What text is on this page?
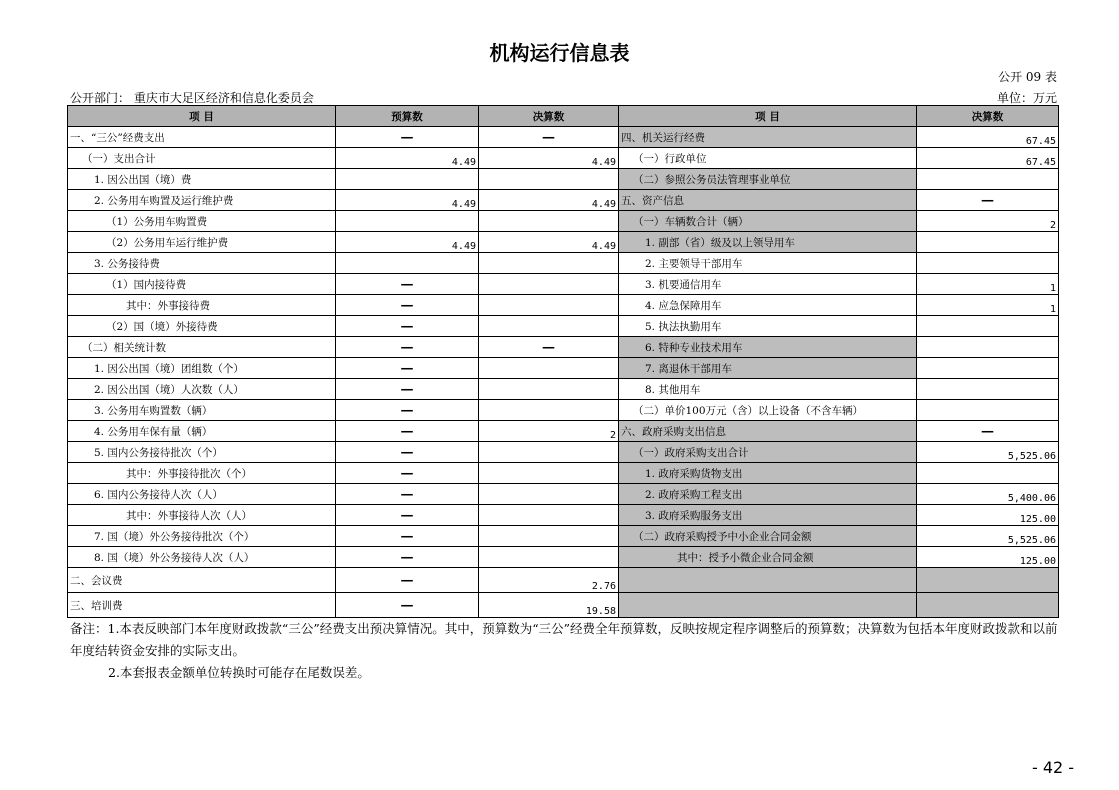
机构运行信息表
公开 09 表
公开部门： 重庆市大足区经济和信息化委员会	单位：万元
项 目	预算数	决算数	项 目	决算数
一、“三公”经费支出	—	—	四、机关运行经费	67.45
（一）支出合计	4.49	4.49	（一）行政单位	67.45
1. 因公出国（境）费			（二）参照公务员法管理事业单位	
2. 公务用车购置及运行维护费	4.49	4.49	五、资产信息	—
（1）公务用车购置费			（一）车辆数合计（辆）	2
（2）公务用车运行维护费	4.49	4.49	1. 副部（省）级及以上领导用车	
3. 公务接待费			2. 主要领导干部用车	
（1）国内接待费	—		3. 机要通信用车	1
其中：外事接待费	—		4. 应急保障用车	1
（2）国（境）外接待费	—		5. 执法执勤用车	
（二）相关统计数	—	—	6. 特种专业技术用车	
1. 因公出国（境）团组数（个）	—		7. 离退休干部用车	
2. 因公出国（境）人次数（人）	—		8. 其他用车	
3. 公务用车购置数（辆）	—		（二）单价100万元（含）以上设备（不含车辆）	
4. 公务用车保有量（辆）	—	2	六、政府采购支出信息	—
5. 国内公务接待批次（个）	—		（一）政府采购支出合计	5,525.06
其中：外事接待批次（个）	—		1. 政府采购货物支出	
6. 国内公务接待人次（人）	—		2. 政府采购工程支出	5,400.06
其中：外事接待人次（人）	—		3. 政府采购服务支出	125.00
7. 国（境）外公务接待批次（个）	—		（二）政府采购授予中小企业合同金额	5,525.06
8. 国（境）外公务接待人次（人）	—		其中：授予小微企业合同金额	125.00
二、会议费	—	2.76		
三、培训费	—	19.58		

备注：1.本表反映部门本年度财政拨款“三公”经费支出预决算情况。其中，预算数为“三公”经费全年预算数，反映按规定程序调整后的预算数；决算数为包括本年度财政拨款和以前年度结转资金安排的实际支出。

2.本套报表金额单位转换时可能存在尾数误差。

- 42 -
